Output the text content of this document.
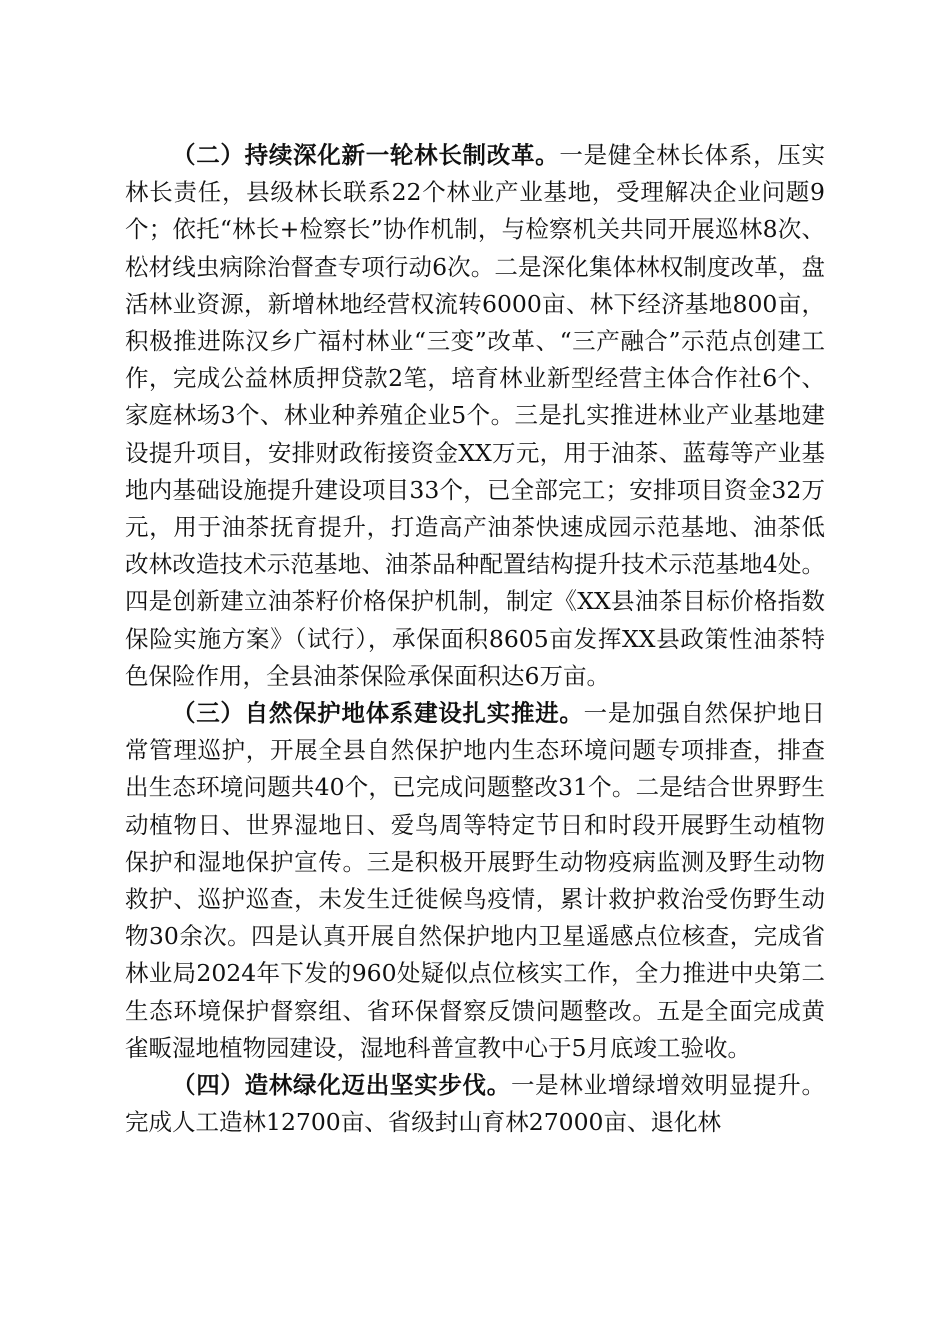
（二）持续深化新一轮林长制改革。一是健全林长体系，压实林长责任，县级林长联系22个林业产业基地，受理解决企业问题9个；依托“林长+检察长”协作机制，与检察机关共同开展巡林8次、松材线虫病除治督查专项行动6次。二是深化集体林权制度改革，盘活林业资源，新增林地经营权流转6000亩、林下经济基地800亩，积极推进陈汉乡广福村林业“三变”改革、“三产融合”示范点创建工作，完成公益林质押贷款2笔，培育林业新型经营主体合作社6个、家庭林场3个、林业种养殖企业5个。三是扎实推进林业产业基地建设提升项目，安排财政衔接资金XX万元，用于油茶、蓝莓等产业基地内基础设施提升建设项目33个，已全部完工；安排项目资金32万元，用于油茶抚育提升，打造高产油茶快速成园示范基地、油茶低改林改造技术示范基地、油茶品种配置结构提升技术示范基地4处。四是创新建立油茶籽价格保护机制，制定《XX县油茶目标价格指数保险实施方案》（试行），承保面积8605亩发挥XX县政策性油茶特色保险作用，全县油茶保险承保面积达6万亩。

（三）自然保护地体系建设扎实推进。一是加强自然保护地日常管理巡护，开展全县自然保护地内生态环境问题专项排查，排查出生态环境问题共40个，已完成问题整改31个。二是结合世界野生动植物日、世界湿地日、爱鸟周等特定节日和时段开展野生动植物保护和湿地保护宣传。三是积极开展野生动物疫病监测及野生动物救护、巡护巡查，未发生迁徙候鸟疫情，累计救护救治受伤野生动物30余次。四是认真开展自然保护地内卫星遥感点位核查，完成省林业局2024年下发的960处疑似点位核实工作，全力推进中央第二生态环境保护督察组、省环保督察反馈问题整改。五是全面完成黄雀畈湿地植物园建设，湿地科普宣教中心于5月底竣工验收。

（四）造林绿化迈出坚实步伐。一是林业增绿增效明显提升。完成人工造林12700亩、省级封山育林27000亩、退化林
